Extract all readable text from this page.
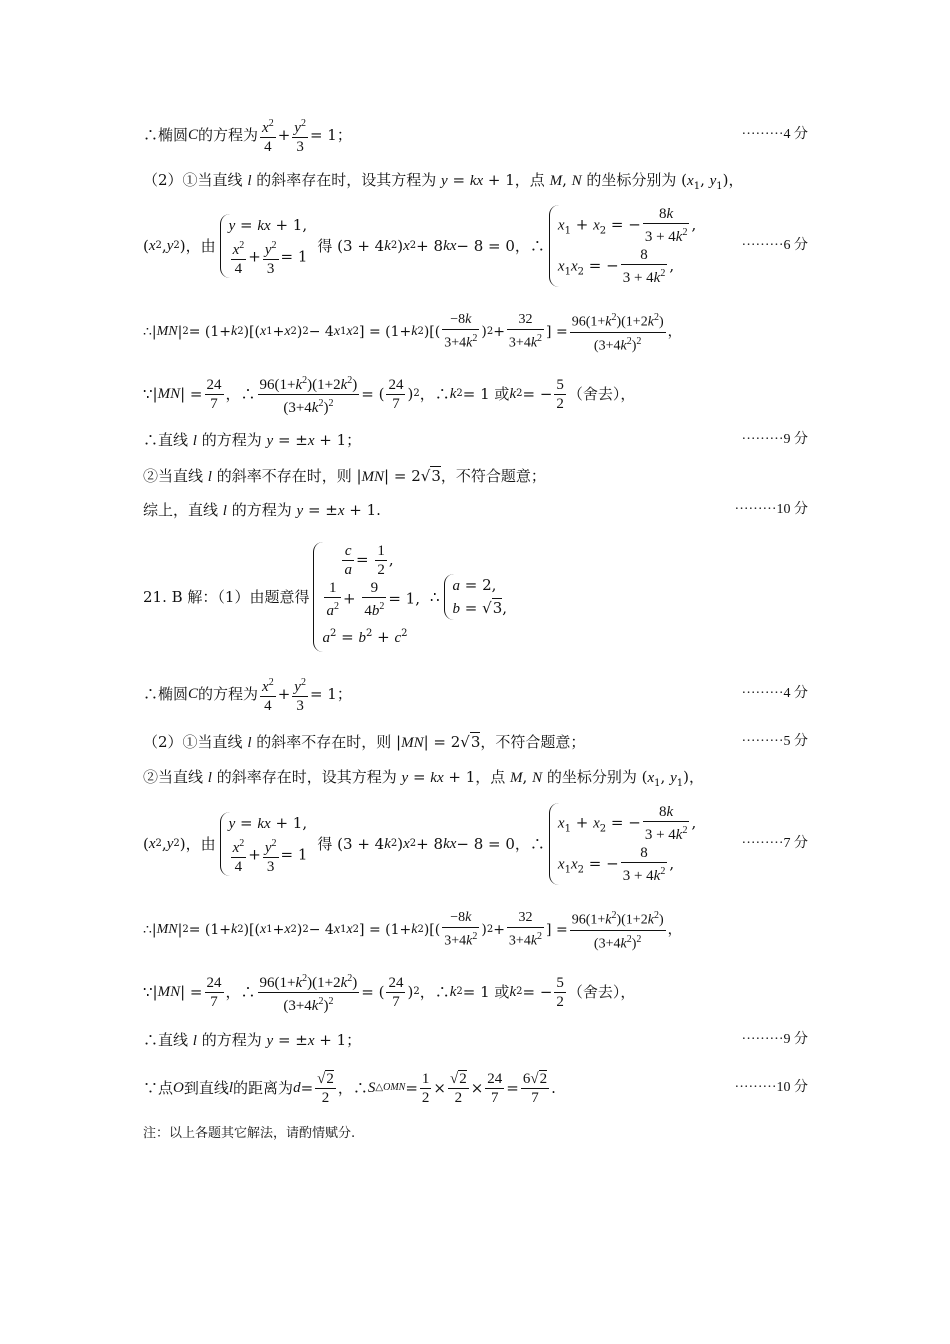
∴椭圆 C 的方程为 $\frac{x^2}{4} + \frac{y^2}{3} = 1$；	·········4 分
（2）①当直线 l 的斜率存在时，设其方程为 y = kx + 1，点 M, N 的坐标分别为 ($x_1$, $y_1$)，
( x 2 , y 2 )，由
y = kx + 1,
$\frac{x^2}{4} + \frac{y^2}{3} = 1$
得 (3 + 4 k 2 ) x 2 + 8 kx − 8 = 0，∴
$x_1 + x_2$ = − $\frac{8k}{3 + 4k^2}$ ,
$x_1x_2$ = − $\frac{8}{3 + 4k^2}$ ,
·········6 分
∴| MN | 2 = (1+ k 2 )[( x 1 + x 2 ) 2 − 4 x 1 x 2 ] = (1+ k 2 )[( $\frac{-8k}{3+4k^2}$ ) $2 + \frac{32}{3+4k^2}$ ] = $\frac{96(1+k^2)(1+2k^2)}{(3+4k^2)^2}$ ，
∵| MN | = $\frac{24}{7}$ ，∴ $\frac{96(1+k^2)(1+2k^2)}{(3+4k^2)^2}$ = ( $\frac{24}{7}$ ) 2 ，∴ k 2 = 1 或 k 2 = − $\frac{5}{2}$ （舍去），
∴直线 l 的方程为 y = ±x + 1；	·········9 分
②当直线 l 的斜率不存在时，则 |MN| = 2√3，不符合题意；
综上，直线 l 的方程为 y = ±x + 1.	·········10 分
21. B 解：（1）由题意得
$\frac{c}{a} = \frac{1}{2}$ ,
$\frac{1}{a^2} + \frac{9}{4b^2} = 1$,
$a^2 = b^2 + c^2$
∴
a = 2,
b = √3,
∴椭圆 C 的方程为 $\frac{x^2}{4} + \frac{y^2}{3} = 1$；	·········4 分
（2）①当直线 l 的斜率不存在时，则 |MN| = 2√3，不符合题意；	·········5 分
②当直线 l 的斜率存在时，设其方程为 y = kx + 1，点 M, N 的坐标分别为 ($x_1$, $y_1$)，
( x 2 , y 2 )，由
y = kx + 1,
$\frac{x^2}{4} + \frac{y^2}{3} = 1$
得 (3 + 4 k 2 ) x 2 + 8 kx − 8 = 0，∴
$x_1 + x_2$ = − $\frac{8k}{3 + 4k^2}$ ,
$x_1x_2$ = − $\frac{8}{3 + 4k^2}$ ,
·········7 分
∴| MN | 2 = (1+ k 2 )[( x 1 + x 2 ) 2 − 4 x 1 x 2 ] = (1+ k 2 )[( $\frac{-8k}{3+4k^2}$ ) $2 + \frac{32}{3+4k^2}$ ] = $\frac{96(1+k^2)(1+2k^2)}{(3+4k^2)^2}$ ，
∵| MN | = $\frac{24}{7}$ ，∴ $\frac{96(1+k^2)(1+2k^2)}{(3+4k^2)^2}$ = ( $\frac{24}{7}$ ) 2 ，∴ k 2 = 1 或 k 2 = − $\frac{5}{2}$ （舍去），
∴直线 l 的方程为 y = ±x + 1；	·········9 分
∵点 O 到直线 l 的距离为 $d = \frac{√2}{2}$ ，∴ S △OMN = $\frac{1}{2} \times \frac{√2}{2} \times \frac{24}{7} = \frac{6√2}{7}$ .	·········10 分
注：以上各题其它解法，请酌情赋分.
